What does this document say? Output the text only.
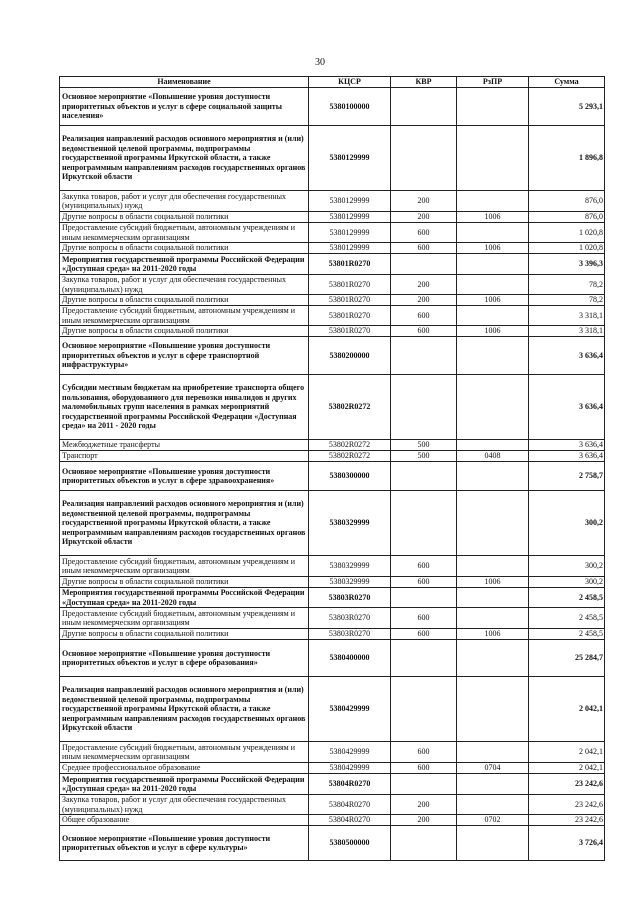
30
Наименование	КЦСР	КВР	РзПР	Сумма
Основное мероприятие «Повышение уровня доступности приоритетных объектов и услуг в сфере социальной защиты населения»	5380100000			5 293,1
Реализация направлений расходов основного мероприятия и (или) ведомственной целевой программы, подпрограммы государственной программы Иркутской области, а также непрограммным направлениям расходов государственных органов Иркутской области	5380129999			1 896,8
Закупка товаров, работ и услуг для обеспечения государственных (муниципальных) нужд	5380129999	200		876,0
Другие вопросы в области социальной политики	5380129999	200	1006	876,0
Предоставление субсидий бюджетным, автономным учреждениям и иным некоммерческим организациям	5380129999	600		1 020,8
Другие вопросы в области социальной политики	5380129999	600	1006	1 020,8
Мероприятия государственной программы Российской Федерации «Доступная среда» на 2011-2020 годы	53801R0270			3 396,3
Закупка товаров, работ и услуг для обеспечения государственных (муниципальных) нужд	53801R0270	200		78,2
Другие вопросы в области социальной политики	53801R0270	200	1006	78,2
Предоставление субсидий бюджетным, автономным учреждениям и иным некоммерческим организациям	53801R0270	600		3 318,1
Другие вопросы в области социальной политики	53801R0270	600	1006	3 318,1
Основное мероприятие «Повышение уровня доступности приоритетных объектов и услуг в сфере транспортной инфраструктуры»	5380200000			3 636,4
Субсидии местным бюджетам на приобретение транспорта общего пользования, оборудованного для перевозки инвалидов и других маломобильных групп населения в рамках мероприятий государственной программы Российской Федерации «Доступная среда» на 2011 - 2020 годы	53802R0272			3 636,4
Межбюджетные трансферты	53802R0272	500		3 636,4
Транспорт	53802R0272	500	0408	3 636,4
Основное мероприятие «Повышение уровня доступности приоритетных объектов и услуг в сфере здравоохранения»	5380300000			2 758,7
Реализация направлений расходов основного мероприятия и (или) ведомственной целевой программы, подпрограммы государственной программы Иркутской области, а также непрограммным направлениям расходов государственных органов Иркутской области	5380329999			300,2
Предоставление субсидий бюджетным, автономным учреждениям и иным некоммерческим организациям	5380329999	600		300,2
Другие вопросы в области социальной политики	5380329999	600	1006	300,2
Мероприятия государственной программы Российской Федерации «Доступная среда» на 2011-2020 годы	53803R0270			2 458,5
Предоставление субсидий бюджетным, автономным учреждениям и иным некоммерческим организациям	53803R0270	600		2 458,5
Другие вопросы в области социальной политики	53803R0270	600	1006	2 458,5
Основное мероприятие «Повышение уровня доступности приоритетных объектов и услуг в сфере образования»	5380400000			25 284,7
Реализация направлений расходов основного мероприятия и (или) ведомственной целевой программы, подпрограммы государственной программы Иркутской области, а также непрограммным направлениям расходов государственных органов Иркутской области	5380429999			2 042,1
Предоставление субсидий бюджетным, автономным учреждениям и иным некоммерческим организациям	5380429999	600		2 042,1
Среднее профессиональное образование	5380429999	600	0704	2 042,1
Мероприятия государственной программы Российской Федерации «Доступная среда» на 2011-2020 годы	53804R0270			23 242,6
Закупка товаров, работ и услуг для обеспечения государственных (муниципальных) нужд	53804R0270	200		23 242,6
Общее образование	53804R0270	200	0702	23 242,6
Основное мероприятие «Повышение уровня доступности приоритетных объектов и услуг в сфере культуры»	5380500000			3 726,4
